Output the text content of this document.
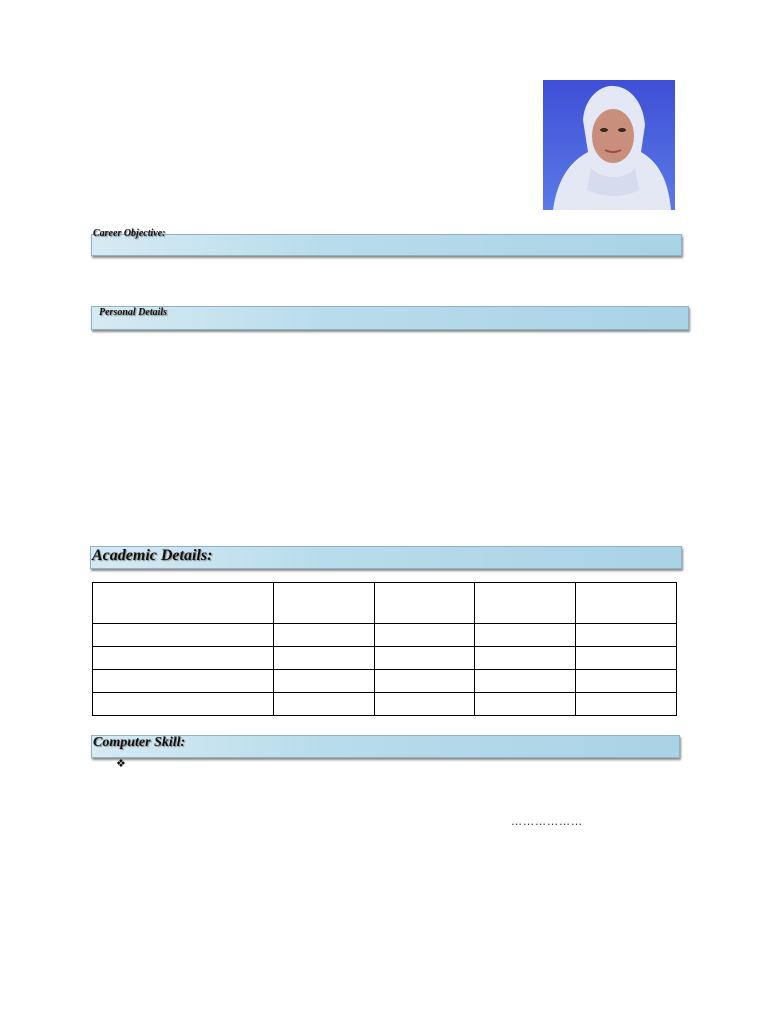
Career Objective:
Personal Details
Academic Details:

Computer Skill:
❖
………………
